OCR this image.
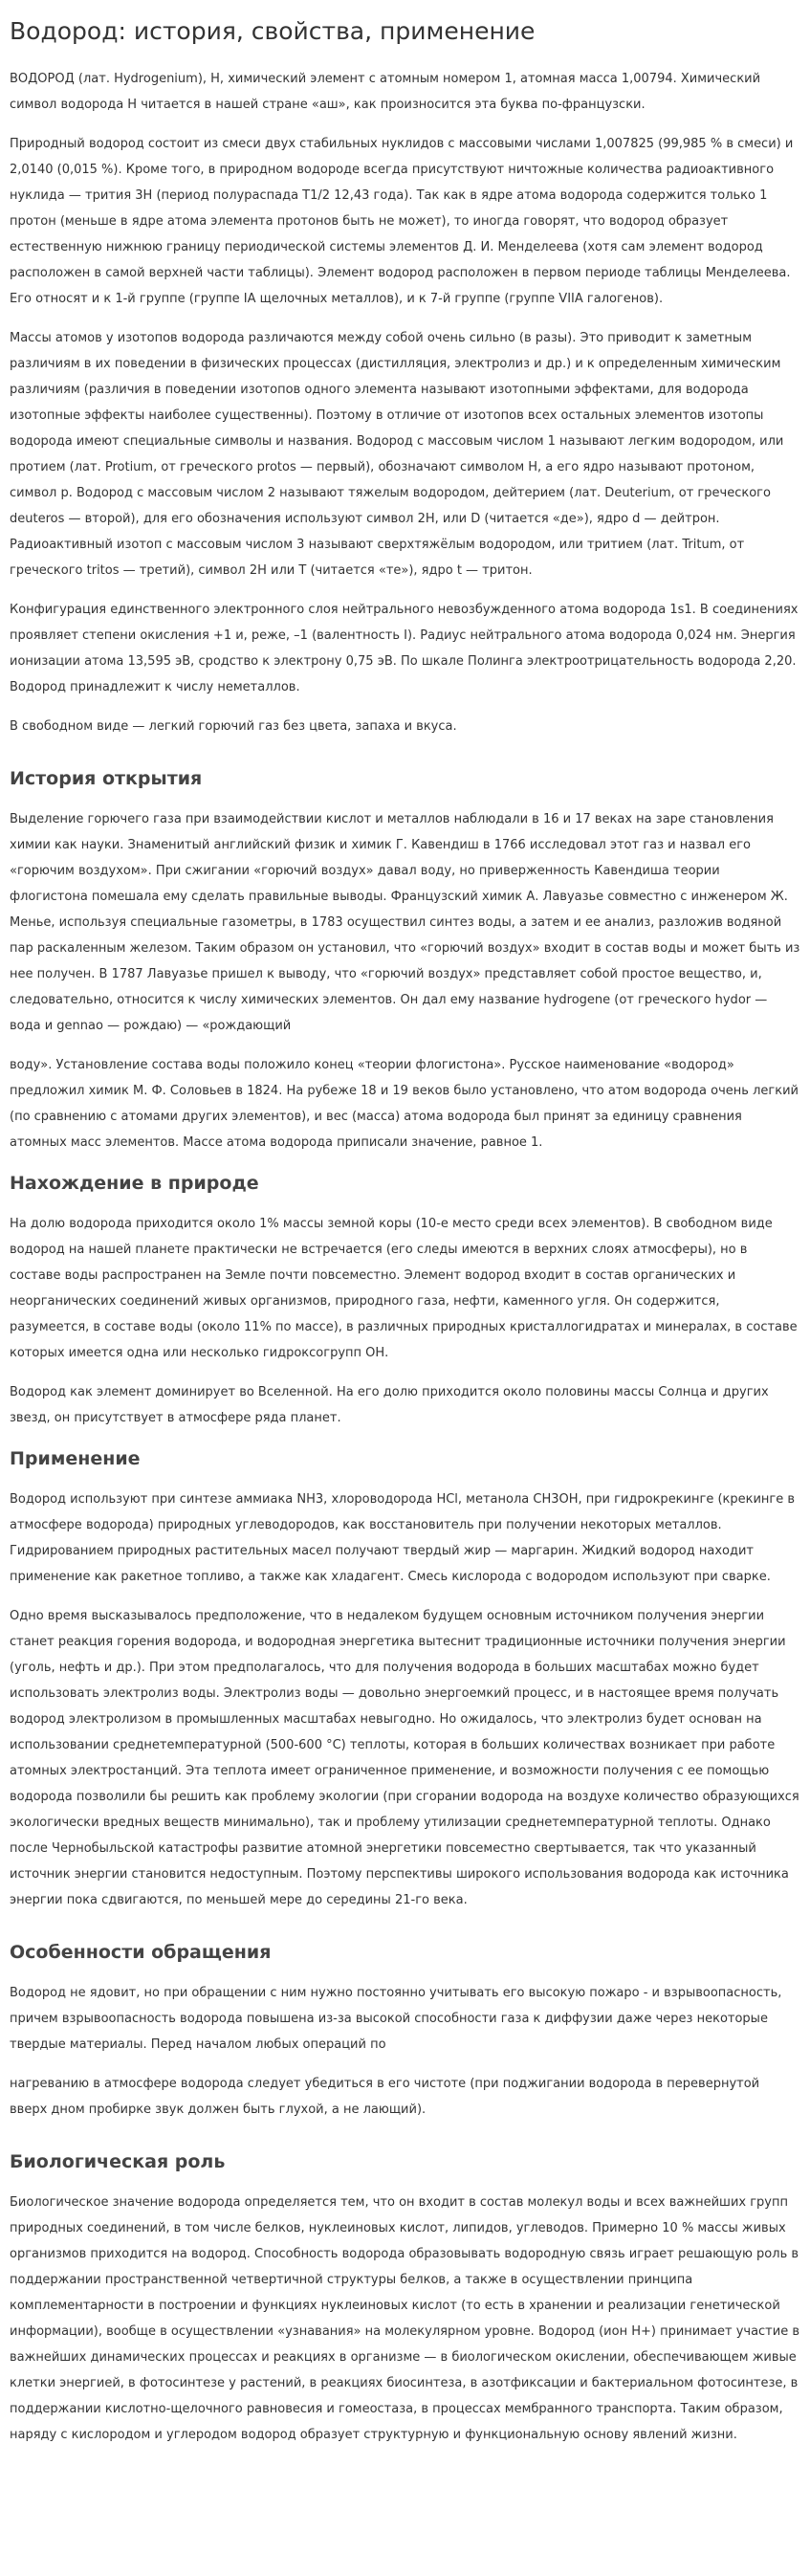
Водород: история, свойства, применение

ВОДОРОД (лат. Hydrogenium), Н, химический элемент с атомным номером 1, атомная масса 1,00794. Химический символ водорода Н читается в нашей стране «аш», как произносится эта буква по-французски.

Природный водород состоит из смеси двух стабильных нуклидов с массовыми числами 1,007825 (99,985 % в смеси) и 2,0140 (0,015 %). Кроме того, в природном водороде всегда присутствуют ничтожные количества радиоактивного нуклида — трития 3H (период полураспада T1/2 12,43 года). Так как в ядре атома водорода содержится только 1 протон (меньше в ядре атома элемента протонов быть не может), то иногда говорят, что водород образует естественную нижнюю границу периодической системы элементов Д. И. Менделеева (хотя сам элемент водород расположен в самой верхней части таблицы). Элемент водород расположен в первом периоде таблицы Менделеева. Его относят и к 1-й группе (группе IA щелочных металлов), и к 7-й группе (группе VIIA галогенов).

Массы атомов у изотопов водорода различаются между собой очень сильно (в разы). Это приводит к заметным различиям в их поведении в физических процессах (дистилляция, электролиз и др.) и к определенным химическим различиям (различия в поведении изотопов одного элемента называют изотопными эффектами, для водорода изотопные эффекты наиболее существенны). Поэтому в отличие от изотопов всех остальных элементов изотопы водорода имеют специальные символы и названия. Водород с массовым числом 1 называют легким водородом, или протием (лат. Protium, от греческого protos — первый), обозначают символом Н, а его ядро называют протоном, символ р. Водород с массовым числом 2 называют тяжелым водородом, дейтерием (лат. Deuterium, от греческого deuteros — второй), для его обозначения используют символ 2Н, или D (читается «де»), ядро d — дейтрон. Радиоактивный изотоп с массовым числом 3 называют сверхтяжёлым водородом, или тритием (лат. Tritum, от греческого tritos — третий), символ 2Н или Т (читается «те»), ядро t — тритон.

Конфигурация единственного электронного слоя нейтрального невозбужденного атома водорода 1s1. В соединениях проявляет степени окисления +1 и, реже, –1 (валентность I). Радиус нейтрального атома водорода 0,024 нм. Энергия ионизации атома 13,595 эВ, сродство к электрону 0,75 эВ. По шкале Полинга электроотрицательность водорода 2,20. Водород принадлежит к числу неметаллов.

В свободном виде — легкий горючий газ без цвета, запаха и вкуса.

История открытия

Выделение горючего газа при взаимодействии кислот и металлов наблюдали в 16 и 17 веках на заре становления химии как науки. Знаменитый английский физик и химик Г. Кавендиш в 1766 исследовал этот газ и назвал его «горючим воздухом». При сжигании «горючий воздух» давал воду, но приверженность Кавендиша теории флогистона помешала ему сделать правильные выводы. Французский химик А. Лавуазье совместно с инженером Ж. Менье, используя специальные газометры, в 1783 осуществил синтез воды, а затем и ее анализ, разложив водяной пар раскаленным железом. Таким образом он установил, что «горючий воздух» входит в состав воды и может быть из нее получен. В 1787 Лавуазье пришел к выводу, что «горючий воздух» представляет собой простое вещество, и, следовательно, относится к числу химических элементов. Он дал ему название hydrogene (от греческого hydor — вода и gennao — рождаю) — «рождающий

воду». Установление состава воды положило конец «теории флогистона». Русское наименование «водород» предложил химик М. Ф. Соловьев в 1824. На рубеже 18 и 19 веков было установлено, что атом водорода очень легкий (по сравнению с атомами других элементов), и вес (масса) атома водорода был принят за единицу сравнения атомных масс элементов. Массе атома водорода приписали значение, равное 1.

Нахождение в природе

На долю водорода приходится около 1% массы земной коры (10-е место среди всех элементов). В свободном виде водород на нашей планете практически не встречается (его следы имеются в верхних слоях атмосферы), но в составе воды распространен на Земле почти повсеместно. Элемент водород входит в состав органических и неорганических соединений живых организмов, природного газа, нефти, каменного угля. Он содержится, разумеется, в составе воды (около 11% по массе), в различных природных кристаллогидратах и минералах, в составе которых имеется одна или несколько гидроксогрупп ОН.

Водород как элемент доминирует во Вселенной. На его долю приходится около половины массы Солнца и других звезд, он присутствует в атмосфере ряда планет.

Применение

Водород используют при синтезе аммиака NH3, хлороводорода HCl, метанола СН3ОН, при гидрокрекинге (крекинге в атмосфере водорода) природных углеводородов, как восстановитель при получении некоторых металлов. Гидрированием природных растительных масел получают твердый жир — маргарин. Жидкий водород находит применение как ракетное топливо, а также как хладагент. Смесь кислорода с водородом используют при сварке.

Одно время высказывалось предположение, что в недалеком будущем основным источником получения энергии станет реакция горения водорода, и водородная энергетика вытеснит традиционные источники получения энергии (уголь, нефть и др.). При этом предполагалось, что для получения водорода в больших масштабах можно будет использовать электролиз воды. Электролиз воды — довольно энергоемкий процесс, и в настоящее время получать водород электролизом в промышленных масштабах невыгодно. Но ожидалось, что электролиз будет основан на использовании среднетемпературной (500-600 °C) теплоты, которая в больших количествах возникает при работе атомных электростанций. Эта теплота имеет ограниченное применение, и возможности получения с ее помощью водорода позволили бы решить как проблему экологии (при сгорании водорода на воздухе количество образующихся экологически вредных веществ минимально), так и проблему утилизации среднетемпературной теплоты. Однако после Чернобыльской катастрофы развитие атомной энергетики повсеместно свертывается, так что указанный источник энергии становится недоступным. Поэтому перспективы широкого использования водорода как источника энергии пока сдвигаются, по меньшей мере до середины 21-го века.

Особенности обращения

Водород не ядовит, но при обращении с ним нужно постоянно учитывать его высокую пожаро - и взрывоопасность, причем взрывоопасность водорода повышена из-за высокой способности газа к диффузии даже через некоторые твердые материалы. Перед началом любых операций по

нагреванию в атмосфере водорода следует убедиться в его чистоте (при поджигании водорода в перевернутой вверх дном пробирке звук должен быть глухой, а не лающий).

Биологическая роль

Биологическое значение водорода определяется тем, что он входит в состав молекул воды и всех важнейших групп природных соединений, в том числе белков, нуклеиновых кислот, липидов, углеводов. Примерно 10 % массы живых организмов приходится на водород. Способность водорода образовывать водородную связь играет решающую роль в поддержании пространственной четвертичной структуры белков, а также в осуществлении принципа комплементарности в построении и функциях нуклеиновых кислот (то есть в хранении и реализации генетической информации), вообще в осуществлении «узнавания» на молекулярном уровне. Водород (ион Н+) принимает участие в важнейших динамических процессах и реакциях в организме — в биологическом окислении, обеспечивающем живые клетки энергией, в фотосинтезе у растений, в реакциях биосинтеза, в азотфиксации и бактериальном фотосинтезе, в поддержании кислотно-щелочного равновесия и гомеостаза, в процессах мембранного транспорта. Таким образом, наряду с кислородом и углеродом водород образует структурную и функциональную основу явлений жизни.
